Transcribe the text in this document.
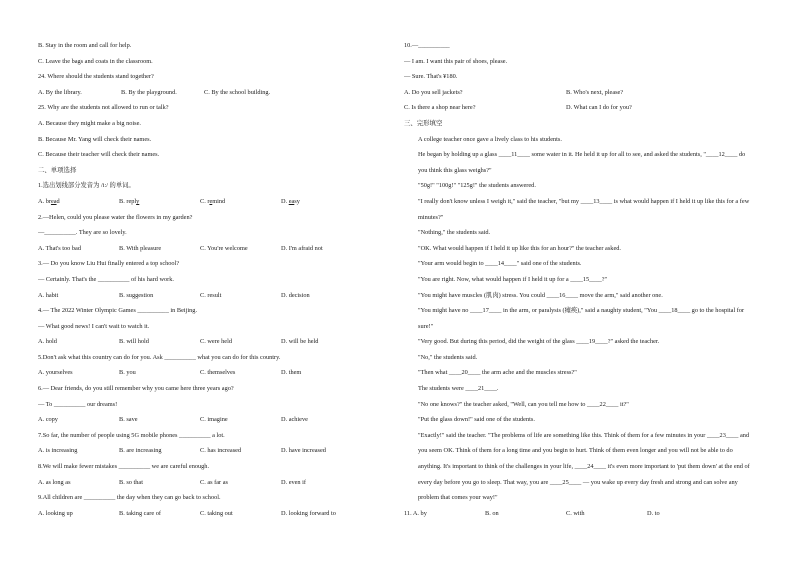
B. Stay in the room and call for help.
C. Leave the bags and coats in the classroom.
24. Where should the students stand together?
A. By the library.	B. By the playground.	C. By the school building.
25. Why are the students not allowed to run or talk?
A. Because they might make a big noise.
B. Because Mr. Yang will check their names.
C. Because their teacher will check their names.
二、单项选择
1.选出划线部分发音为 /i:/ 的单词。
A. bread	B. reply	C. remind	D. easy
2.—Helen, could you please water the flowers in my garden?
—__________. They are so lovely.
A. That's too bad	B. With pleasure	C. You're welcome	D. I'm afraid not
3.— Do you know Liu Hui finally entered a top school?
— Certainly. That's the __________ of his hard work.
A. habit	B. suggestion	C. result	D. decision
4.— The 2022 Winter Olympic Games __________ in Beijing.
— What good news! I can't wait to watch it.
A. hold	B. will hold	C. were held	D. will be held
5.Don't ask what this country can do for you. Ask __________ what you can do for this country.
A. yourselves	B. you	C. themselves	D. them
6.— Dear friends, do you still remember why you came here three years ago?
— To __________ our dreams!
A. copy	B. save	C. imagine	D. achieve
7.So far, the number of people using 5G mobile phones __________ a lot.
A. is increasing	B. are increasing	C. has increased	D. have increased
8.We will make fewer mistakes __________ we are careful enough.
A. as long as	B. so that	C. as far as	D. even if
9.All children are __________ the day when they can go back to school.
A. looking up	B. taking care of	C. taking out	D. looking forward to
10.—__________
— I am. I want this pair of shoes, please.
— Sure. That's ¥180.
A. Do you sell jackets?	B. Who's next, please?
C. Is there a shop near here?	D. What can I do for you?
三、完形填空
A college teacher once gave a lively class to his students.
He began by holding up a glass ____11____ some water in it. He held it up for all to see, and asked the students, "____12____ do you think this glass weighs?"
"50g!" "100g!" "125g!" the students answered.
"I really don't know unless I weigh it," said the teacher, "but my ____13____ is what would happen if I held it up like this for a few minutes?"
"Nothing," the students said.
"OK. What would happen if I held it up like this for an hour?" the teacher asked.
"Your arm would begin to ____14____" said one of the students.
"You are right. Now, what would happen if I held it up for a ____15____?"
"You might have muscles (肌肉) stress. You could ____16____ move the arm," said another one.
"You might have no ____17____ in the arm, or paralysis (瘫痪)," said a naughty student, "You ____18____ go to the hospital for sure!"
"Very good. But during this period, did the weight of the glass ____19____?" asked the teacher.
"No," the students said.
"Then what ____20____ the arm ache and the muscles stress?"
The students were ____21____.
"No one knows?" the teacher asked, "Well, can you tell me how to ____22____ it?"
"Put the glass down!" said one of the students.
"Exactly!" said the teacher. "The problems of life are something like this. Think of them for a few minutes in your ____23____ and you seem OK. Think of them for a long time and you begin to hurt. Think of them even longer and you will not be able to do anything. It's important to think of the challenges in your life, ____24____ it's even more important to 'put them down' at the end of every day before you go to sleep. That way, you are ____25____ — you wake up every day fresh and strong and can solve any problem that comes your way!"
11. A. by	B. on	C. with	D. to
